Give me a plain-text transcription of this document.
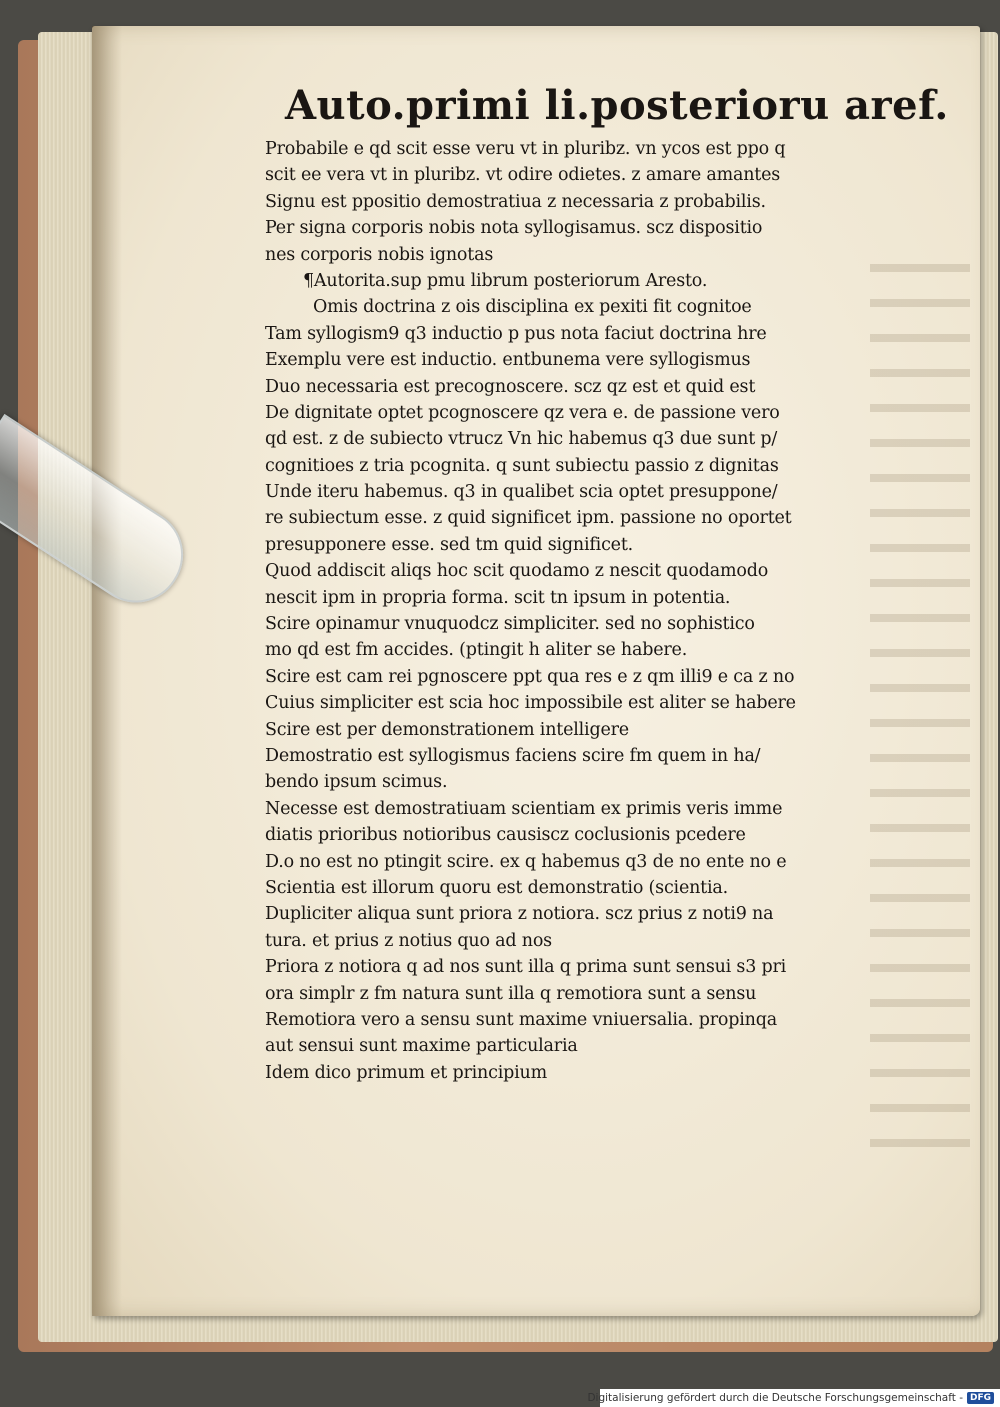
Auto.primi li.posterioru aref.
Probabile e qd scit esse veru vt in pluribz. vn ycos est ppo q
scit ee vera vt in pluribz. vt odire odietes. z amare amantes
Signu est ppositio demostratiua z necessaria z probabilis.
Per signa corporis nobis nota syllogisamus. scz dispositio
nes corporis nobis ignotas
¶Autorita.sup pmu librum posteriorum Aresto.
Omis doctrina z ois disciplina ex pexiti fit cognitoe
Tam syllogism9 q3 inductio p pus nota faciut doctrina hre
Exemplu vere est inductio. entbunema vere syllogismus
Duo necessaria est precognoscere. scz qz est et quid est
De dignitate optet pcognoscere qz vera e. de passione vero
qd est. z de subiecto vtrucz Vn hic habemus q3 due sunt p/
cognitioes z tria pcognita. q sunt subiectu passio z dignitas
Unde iteru habemus. q3 in qualibet scia optet presuppone/
re subiectum esse. z quid significet ipm. passione no oportet
presupponere esse. sed tm quid significet.
Quod addiscit aliqs hoc scit quodamo z nescit quodamodo
nescit ipm in propria forma. scit tn ipsum in potentia.
Scire opinamur vnuquodcz simpliciter. sed no sophistico
mo qd est fm accides. (ptingit h aliter se habere.
Scire est cam rei pgnoscere ppt qua res e z qm illi9 e ca z no
Cuius simpliciter est scia hoc impossibile est aliter se habere
Scire est per demonstrationem intelligere
Demostratio est syllogismus faciens scire fm quem in ha/
bendo ipsum scimus.
Necesse est demostratiuam scientiam ex primis veris imme
diatis prioribus notioribus causiscz coclusionis pcedere
D.o no est no ptingit scire. ex q habemus q3 de no ente no e
Scientia est illorum quoru est demonstratio (scientia.
Dupliciter aliqua sunt priora z notiora. scz prius z noti9 na
tura. et prius z notius quo ad nos
Priora z notiora q ad nos sunt illa q prima sunt sensui s3 pri
ora simplr z fm natura sunt illa q remotiora sunt a sensu
Remotiora vero a sensu sunt maxime vniuersalia. propinqa
aut sensui sunt maxime particularia
Idem dico primum et principium
Digitalisierung gefördert durch die Deutsche Forschungsgemeinschaft - DFG
